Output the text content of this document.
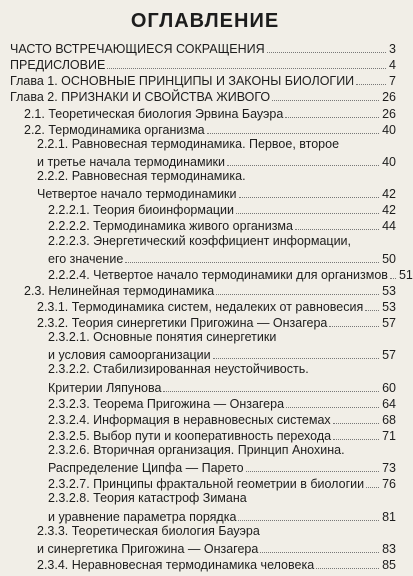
ОГЛАВЛЕНИЕ
ЧАСТО ВСТРЕЧАЮЩИЕСЯ СОКРАЩЕНИЯ	3
ПРЕДИСЛОВИЕ	4
Глава 1. ОСНОВНЫЕ ПРИНЦИПЫ И ЗАКОНЫ БИОЛОГИИ	7
Глава 2. ПРИЗНАКИ И СВОЙСТВА ЖИВОГО	26
2.1. Теоретическая биология Эрвина Бауэра	26
2.2. Термодинамика организма	40
2.2.1. Равновесная термодинамика. Первое, второе
и третье начала термодинамики	40
2.2.2. Равновесная термодинамика.
Четвертое начало термодинамики	42
2.2.2.1. Теория биоинформации	42
2.2.2.2. Термодинамика живого организма	44
2.2.2.3. Энергетический коэффициент информации,
его значение	50
2.2.2.4. Четвертое начало термодинамики для организмов 51
2.3. Нелинейная термодинамика	53
2.3.1. Термодинамика систем, недалеких от равновесия 53
2.3.2. Теория синергетики Пригожина — Онзагера	57
2.3.2.1. Основные понятия синергетики
и условия самоорганизации	57
2.3.2.2. Стабилизированная неустойчивость.
Критерии Ляпунова	60
2.3.2.3. Теорема Пригожина — Онзагера	64
2.3.2.4. Информация в неравновесных системах	68
2.3.2.5. Выбор пути и кооперативность перехода	71
2.3.2.6. Вторичная организация. Принцип Анохина.
Распределение Ципфа — Парето	73
2.3.2.7. Принципы фрактальной геометрии в биологии 76
2.3.2.8. Теория катастроф Зимана
и уравнение параметра порядка	81
2.3.3. Теоретическая биология Бауэра
и синергетика Пригожина — Онзагера	83
2.3.4. Неравновесная термодинамика человека	85
